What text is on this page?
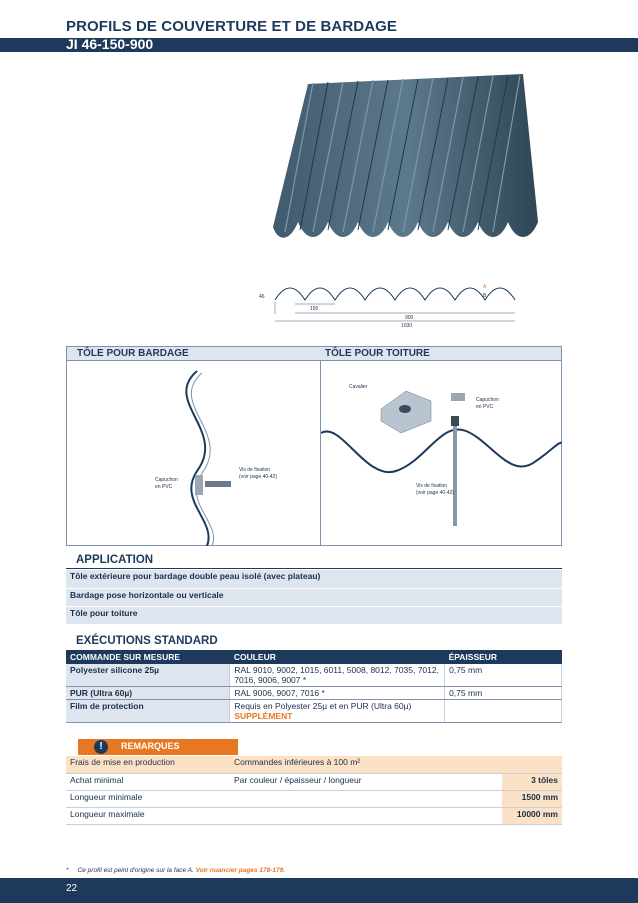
PROFILS DE COUVERTURE ET DE BARDAGE
JI 46-150-900
46
150
900
1030
A
B
TÔLE POUR BARDAGE	TÔLE POUR TOITURE
Capuchon
en PVC
Vis de fixation
(voir page 40-42)
Cavalier
Capuchon
en PVC
Vis de fixation
(voir page 40-42)
APPLICATION
Tôle extérieure pour bardage double peau isolé (avec plateau)
Bardage pose horizontale ou verticale
Tôle pour toiture
EXÉCUTIONS STANDARD
COMMANDE SUR MESURE	COULEUR	ÉPAISSEUR
Polyester silicone 25µ	RAL 9010, 9002, 1015, 6011, 5008, 8012, 7035, 7012, 7016, 9006, 9007 *	0,75 mm
PUR (Ultra 60µ)	RAL 9006, 9007, 7016 *	0,75 mm
Film de protection	Requis en Polyester 25µ et en PUR (Ultra 60µ) SUPPLÉMENT	
!	REMARQUES
Frais de mise en production	Commandes inférieures à 100 m²	
Achat minimal	Par couleur / épaisseur / longueur	3 tôles
Longueur minimale		1500 mm
Longueur maximale		10000 mm
* Ce profil est peint d'origine sur la face A. Voir nuancier pages 178-179.
22
